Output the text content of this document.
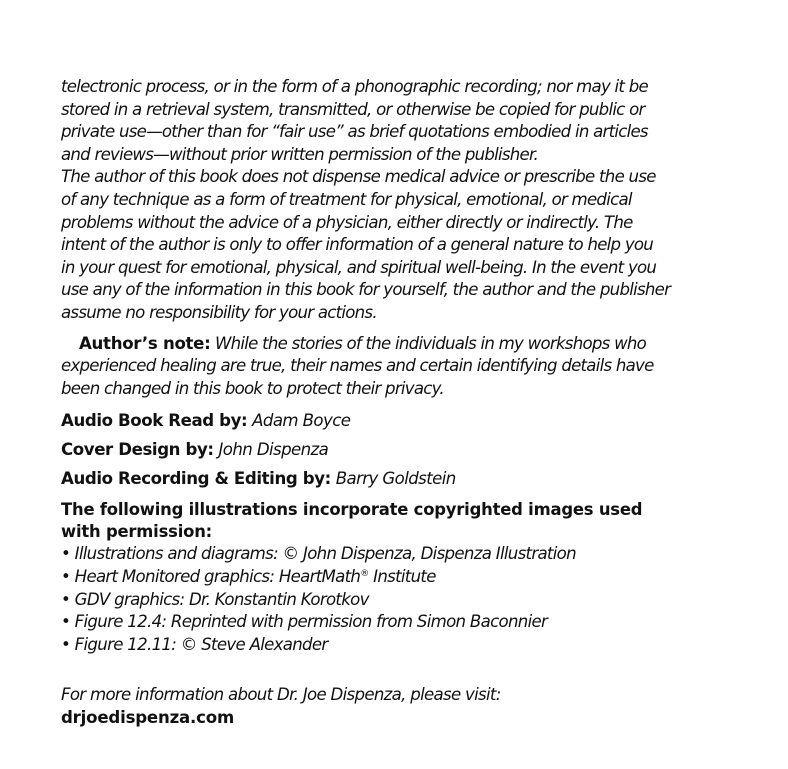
telectronic process, or in the form of a phonographic recording; nor may it be stored in a retrieval system, transmitted, or otherwise be copied for public or private use—other than for “fair use” as brief quotations embodied in articles and reviews—without prior written permission of the publisher.

The author of this book does not dispense medical advice or prescribe the use of any technique as a form of treatment for physical, emotional, or medical problems without the advice of a physician, either directly or indirectly. The intent of the author is only to offer information of a general nature to help you in your quest for emotional, physical, and spiritual well-being. In the event you use any of the information in this book for yourself, the author and the publisher assume no responsibility for your actions.

Author’s note: While the stories of the individuals in my workshops who experienced healing are true, their names and certain identifying details have been changed in this book to protect their privacy.

Audio Book Read by: Adam Boyce

Cover Design by: John Dispenza

Audio Recording & Editing by: Barry Goldstein

The following illustrations incorporate copyrighted images used with permission:
• Illustrations and diagrams: © John Dispenza, Dispenza Illustration
• Heart Monitored graphics: HeartMath® Institute
• GDV graphics: Dr. Konstantin Korotkov
• Figure 12.4: Reprinted with permission from Simon Baconnier
• Figure 12.11: © Steve Alexander
For more information about Dr. Joe Dispenza, please visit:
drjoedispenza.com
